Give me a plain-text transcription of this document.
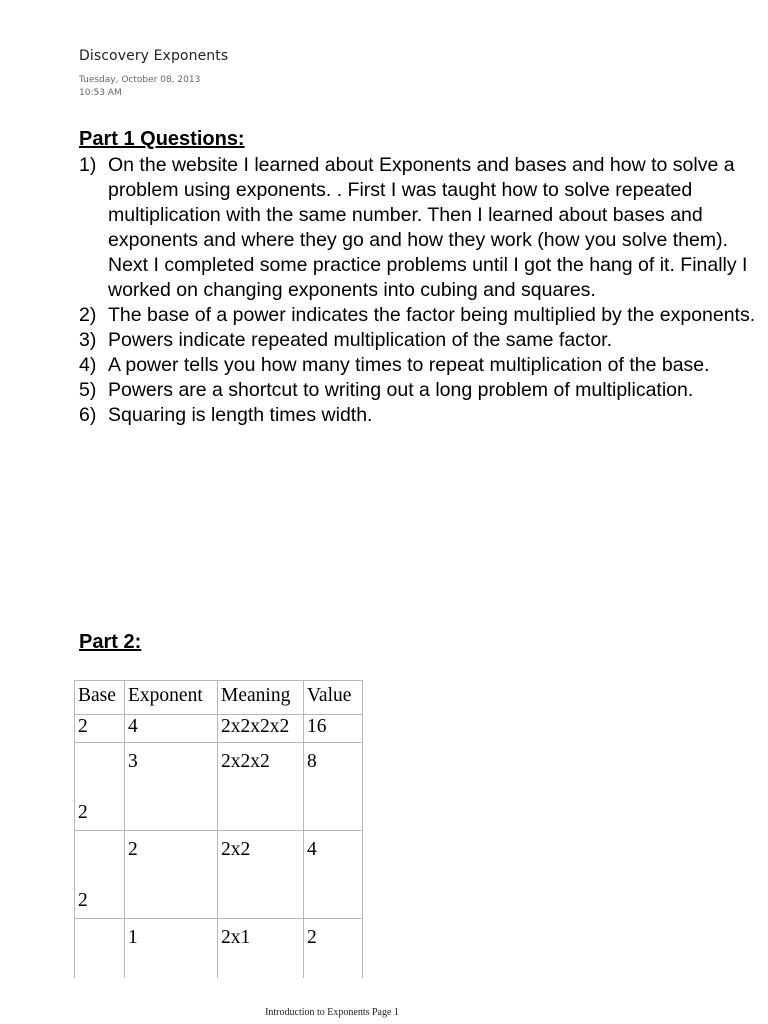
Discovery Exponents
Tuesday, October 08, 2013
10:53 AM
Part 1 Questions:
1) On the website I learned about Exponents and bases and how to solve a problem using exponents. . First I was taught how to solve repeated multiplication with the same number. Then I learned about bases and exponents and where they go and how they work (how you solve them). Next I completed some practice problems until I got the hang of it. Finally I worked on changing exponents into cubing and squares.
2) The base of a power indicates the factor being multiplied by the exponents.
3) Powers indicate repeated multiplication of the same factor.
4) A power tells you how many times to repeat multiplication of the base.
5) Powers are a shortcut to writing out a long problem of multiplication.
6) Squaring is length times width.
Part 2:
Base	Exponent	Meaning	Value
2	4	2x2x2x2	16
2	3	2x2x2	8
2	2	2x2	4
	1	2x1	2
Introduction to Exponents Page 1
